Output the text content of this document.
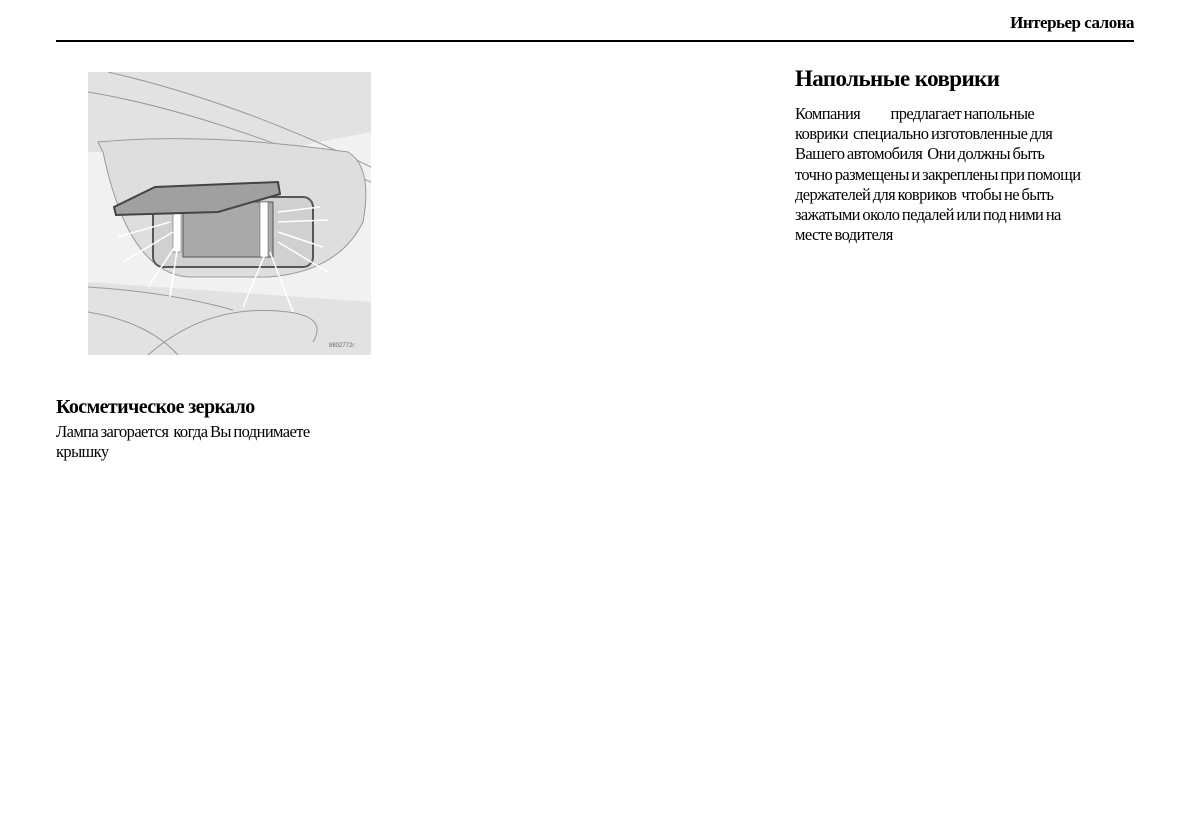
Интерьер салона
8802772r
Напольные коврики
Компания            предлагает напольные
коврики  специально изготовленные для
Вашего автомобиля  Они должны быть
точно размещены и закреплены при помощи
держателей для ковриков  чтобы не быть
зажатыми около педалей или под ними на
месте водителя
Косметическое зеркало
Лампа загорается  когда Вы поднимаете
крышку
